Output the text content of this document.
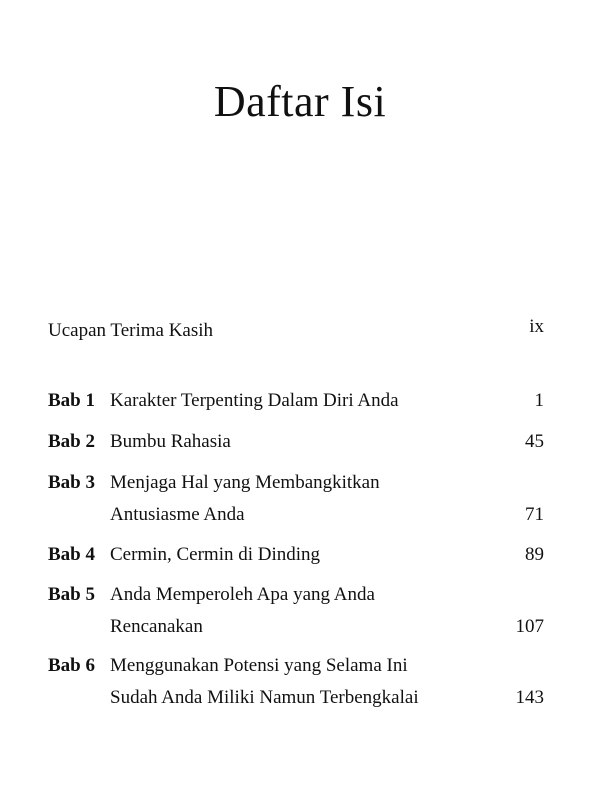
Daftar Isi
Ucapan Terima Kasih	ix
Bab 1 Karakter Terpenting Dalam Diri Anda	1
Bab 2 Bumbu Rahasia	45
Bab 3 Menjaga Hal yang Membangkitkan
Antusiasme Anda	71
Bab 4 Cermin, Cermin di Dinding	89
Bab 5 Anda Memperoleh Apa yang Anda
Rencanakan	107
Bab 6 Menggunakan Potensi yang Selama Ini
Sudah Anda Miliki Namun Terbengkalai	143
